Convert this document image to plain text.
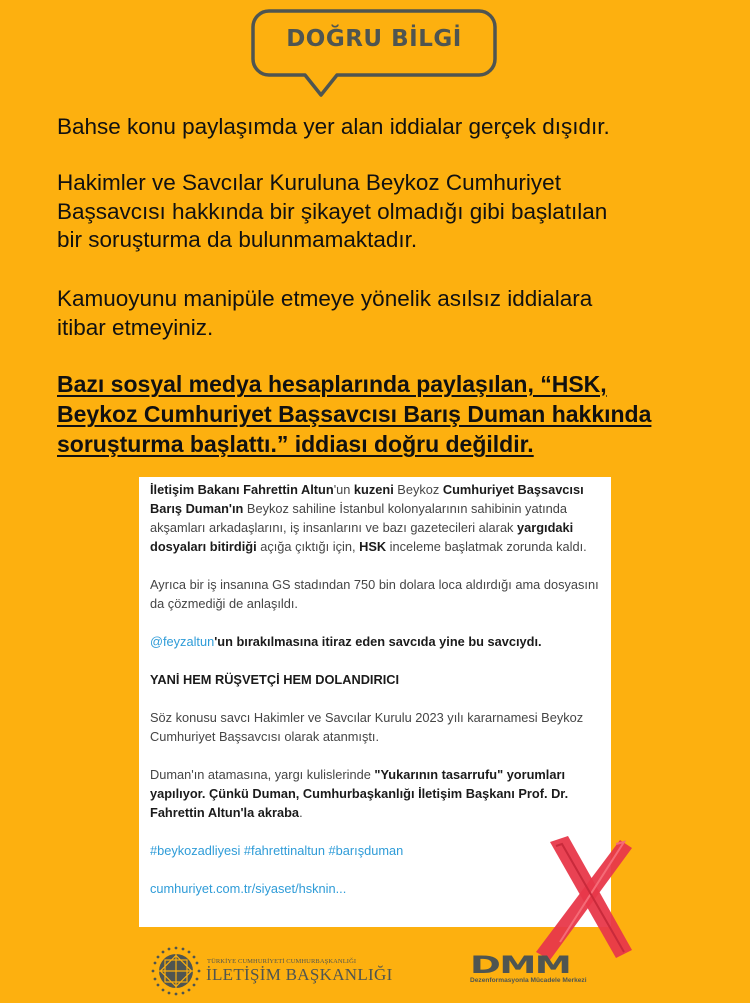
DOĞRU BİLGİ
Bahse konu paylaşımda yer alan iddialar gerçek dışıdır.
Hakimler ve Savcılar Kuruluna Beykoz Cumhuriyet
Başsavcısı hakkında bir şikayet olmadığı gibi başlatılan
bir soruşturma da bulunmamaktadır.
Kamuoyunu manipüle etmeye yönelik asılsız iddialara
itibar etmeyiniz.
Bazı sosyal medya hesaplarında paylaşılan, “HSK,
Beykoz Cumhuriyet Başsavcısı Barış Duman hakkında
soruşturma başlattı.” iddiası doğru değildir.

İletişim Bakanı Fahrettin Altun'un kuzeni Beykoz Cumhuriyet Başsavcısı Barış Duman'ın Beykoz sahiline İstanbul kolonyalarının sahibinin yatında akşamları arkadaşlarını, iş insanlarını ve bazı gazetecileri alarak yargıdaki dosyaları bitirdiği açığa çıktığı için, HSK inceleme başlatmak zorunda kaldı.

Ayrıca bir iş insanına GS stadından 750 bin dolara loca aldırdığı ama dosyasını da çözmediği de anlaşıldı.

@feyzaltun'un bırakılmasına itiraz eden savcıda yine bu savcıydı.

YANİ HEM RÜŞVETÇİ HEM DOLANDIRICI

Söz konusu savcı Hakimler ve Savcılar Kurulu 2023 yılı kararnamesi Beykoz Cumhuriyet Başsavcısı olarak atanmıştı.

Duman'ın atamasına, yargı kulislerinde "Yukarının tasarrufu" yorumları yapılıyor. Çünkü Duman, Cumhurbaşkanlığı İletişim Başkanı Prof. Dr. Fahrettin Altun'la akraba.

#beykozadliyesi #fahrettinaltun #barışduman

cumhuriyet.com.tr/siyaset/hsknin...

TÜRKİYE CUMHURİYETİ CUMHURBAŞKANLIĞI
İLETİŞİM BAŞKANLIĞI	DMM
Dezenformasyonla Mücadele Merkezi
